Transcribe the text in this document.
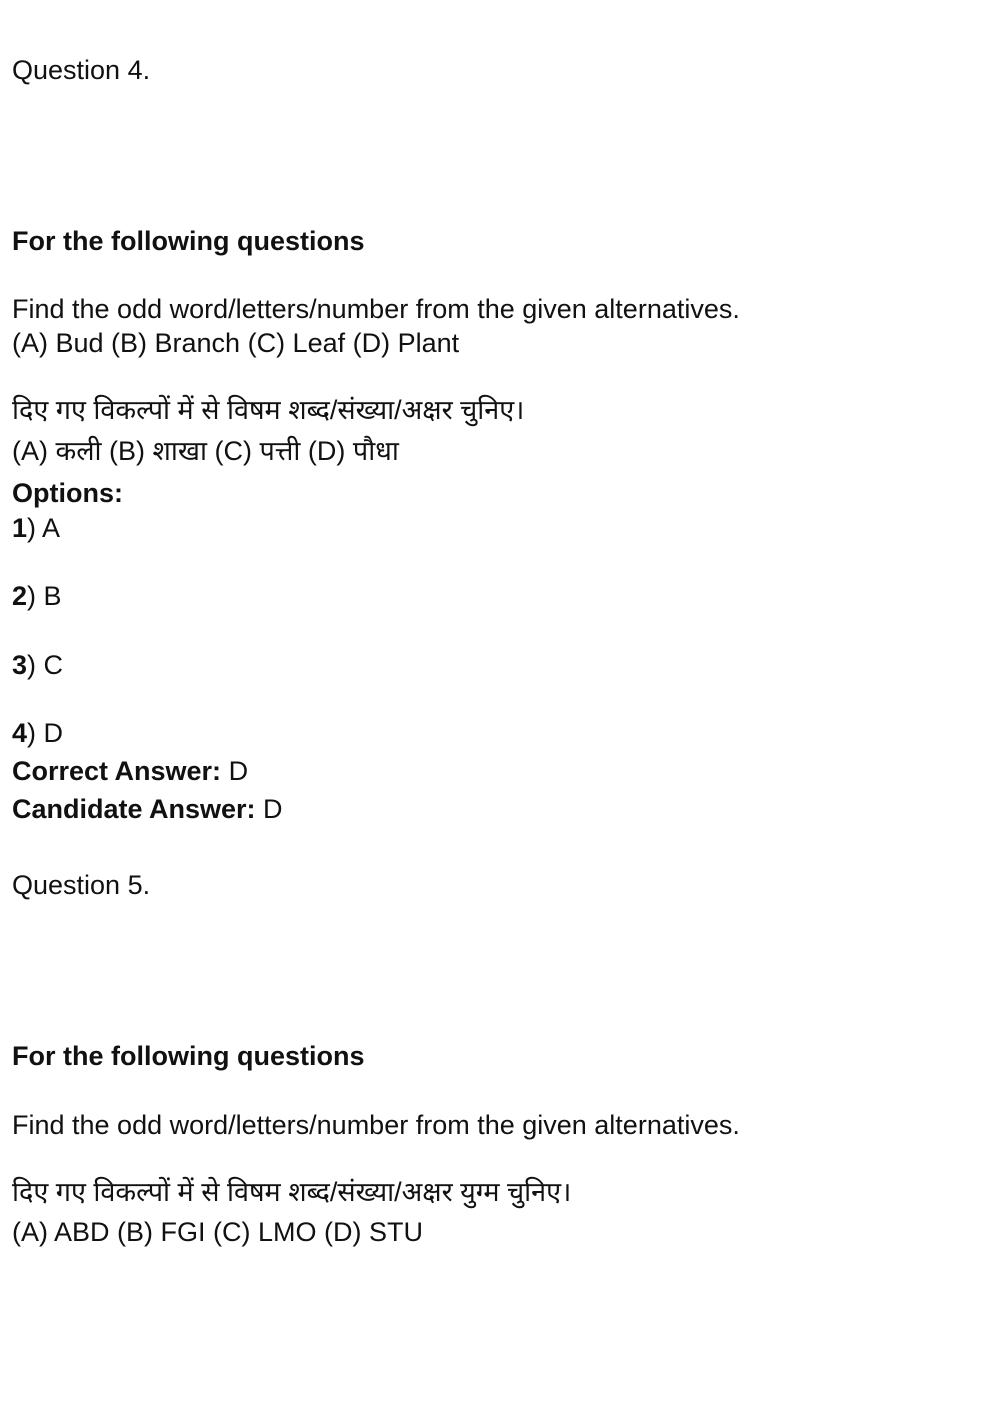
Question 4.
For the following questions
Find the odd word/letters/number from the given alternatives.
(A) Bud (B) Branch (C) Leaf (D) Plant
दिए गए विकल्पों में से विषम शब्द/संख्या/अक्षर चुनिए।
(A) कली (B) शाखा (C) पत्ती (D) पौधा
Options:
1) A
2) B
3) C
4) D
Correct Answer: D
Candidate Answer: D
Question 5.
For the following questions
Find the odd word/letters/number from the given alternatives.
दिए गए विकल्पों में से विषम शब्द/संख्या/अक्षर युग्म चुनिए।
(A) ABD (B) FGI (C) LMO (D) STU
